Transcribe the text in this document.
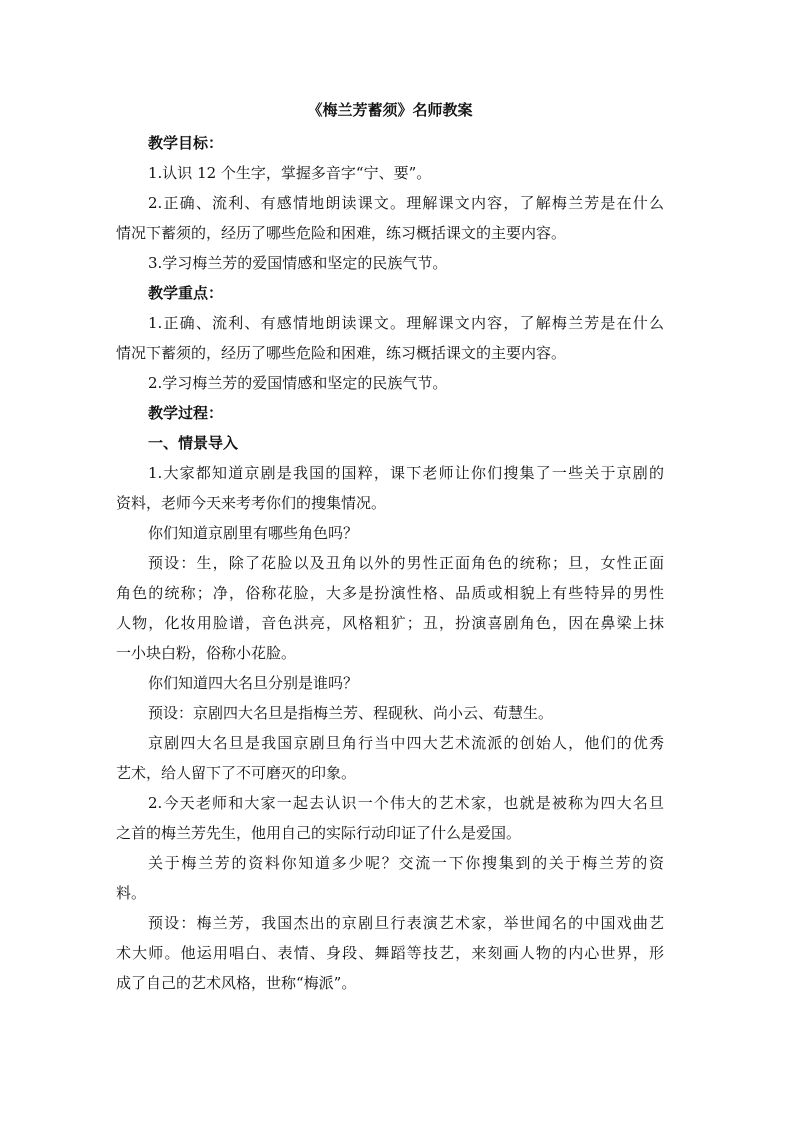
《梅兰芳蓄须》名师教案

教学目标：

1.认识 12 个生字，掌握多音字“宁、要”。

2.正确、流利、有感情地朗读课文。理解课文内容，了解梅兰芳是在什么

情况下蓄须的，经历了哪些危险和困难，练习概括课文的主要内容。

3.学习梅兰芳的爱国情感和坚定的民族气节。

教学重点：

1.正确、流利、有感情地朗读课文。理解课文内容，了解梅兰芳是在什么

情况下蓄须的，经历了哪些危险和困难，练习概括课文的主要内容。

2.学习梅兰芳的爱国情感和坚定的民族气节。

教学过程：

一、情景导入

1.大家都知道京剧是我国的国粹，课下老师让你们搜集了一些关于京剧的

资料，老师今天来考考你们的搜集情况。

你们知道京剧里有哪些角色吗？

预设：生，除了花脸以及丑角以外的男性正面角色的统称；旦，女性正面

角色的统称；净，俗称花脸，大多是扮演性格、品质或相貌上有些特异的男性

人物，化妆用脸谱，音色洪亮，风格粗犷；丑，扮演喜剧角色，因在鼻梁上抹

一小块白粉，俗称小花脸。

你们知道四大名旦分别是谁吗？

预设：京剧四大名旦是指梅兰芳、程砚秋、尚小云、荀慧生。

京剧四大名旦是我国京剧旦角行当中四大艺术流派的创始人，他们的优秀

艺术，给人留下了不可磨灭的印象。

2.今天老师和大家一起去认识一个伟大的艺术家，也就是被称为四大名旦

之首的梅兰芳先生，他用自己的实际行动印证了什么是爱国。

关于梅兰芳的资料你知道多少呢？交流一下你搜集到的关于梅兰芳的资

料。

预设：梅兰芳，我国杰出的京剧旦行表演艺术家，举世闻名的中国戏曲艺

术大师。他运用唱白、表情、身段、舞蹈等技艺，来刻画人物的内心世界，形

成了自己的艺术风格，世称“梅派”。
